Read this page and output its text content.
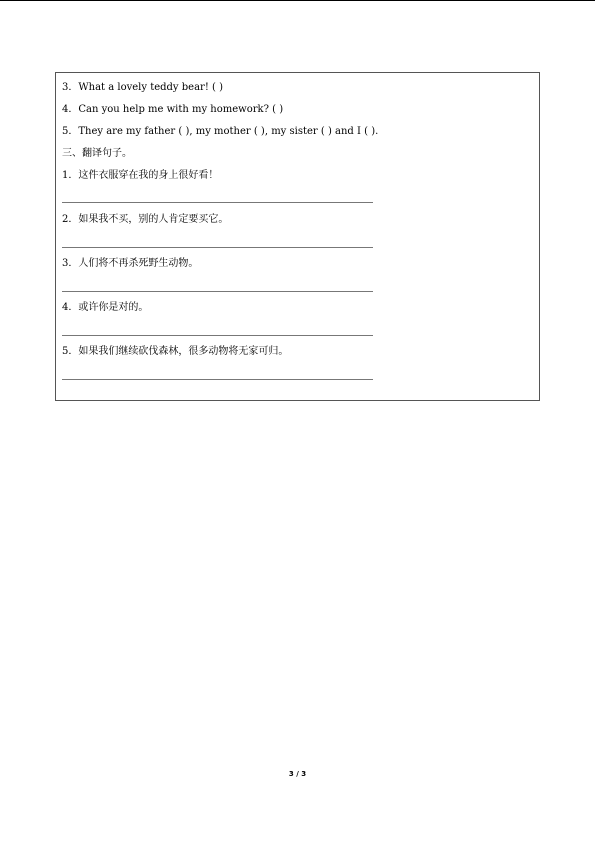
3．What a lovely teddy bear! ( )
4．Can you help me with my homework? ( )
5．They are my father ( ), my mother ( ), my sister ( ) and I ( ).
三、翻译句子。
1．这件衣服穿在我的身上很好看！
2．如果我不买，别的人肯定要买它。
3．人们将不再杀死野生动物。
4．或许你是对的。
5．如果我们继续砍伐森林，很多动物将无家可归。
3 / 3
